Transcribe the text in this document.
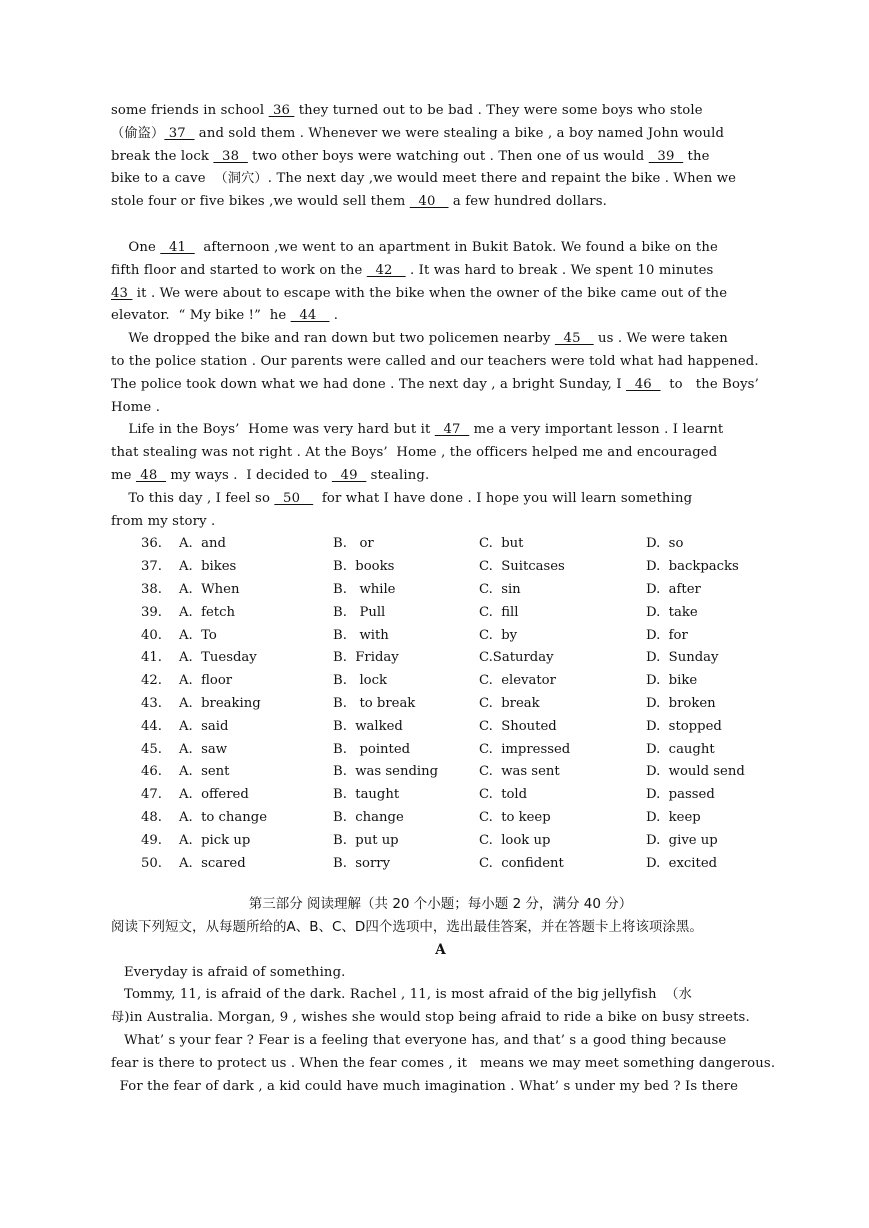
some friends in school  36  they turned out to be bad . They were some boys who stole
（偷盗） 37   and sold them . Whenever we were stealing a bike , a boy named John would
break the lock   38   two other boys were watching out . Then one of us would   39   the
bike to a cave  （洞穴）. The next day ,we would meet there and repaint the bike . When we
stole four or five bikes ,we would sell them   40    a few hundred dollars.
One   41    afternoon ,we went to an apartment in Bukit Batok. We found a bike on the
fifth floor and started to work on the   42    . It was hard to break . We spent 10 minutes
43  it . We were about to escape with the bike when the owner of the bike came out of the
elevator.  “ My bike !”  he   44    .
We dropped the bike and ran down but two policemen nearby   45    us . We were taken
to the police station . Our parents were called and our teachers were told what had happened.
The police took down what we had done . The next day , a bright Sunday, I   46    to   the Boys’
Home .
Life in the Boys’  Home was very hard but it   47   me a very important lesson . I learnt
that stealing was not right . At the Boys’  Home , the officers helped me and encouraged
me  48   my ways .  I decided to   49   stealing.
To this day , I feel so   50     for what I have done . I hope you will learn something
from my story .
36. A.  and	B.   or	C.  but	D.  so
37. A.  bikes	B.  books	C.  Suitcases	D.  backpacks
38. A.  When	B.   while	C.  sin	D.  after
39. A.  fetch	B.   Pull	C.  fill	D.  take
40. A.  To	B.   with	C.  by	D.  for
41. A.  Tuesday	B.  Friday	C.Saturday	D.  Sunday
42. A.  floor	B.   lock	C.  elevator	D.  bike
43. A.  breaking	B.   to break	C.  break	D.  broken
44. A.  said	B.  walked	C.  Shouted	D.  stopped
45. A.  saw	B.   pointed	C.  impressed	D.  caught
46. A.  sent	B.  was sending	C.  was sent	D.  would send
47. A.  offered	B.  taught	C.  told	D.  passed
48. A.  to change	B.  change	C.  to keep	D.  keep
49. A.  pick up	B.  put up	C.  look up	D.  give up
50. A.  scared	B.  sorry	C.  confident	D.  excited
第三部分 阅读理解（共 20 个小题；每小题 2 分，满分 40 分）
阅读下列短文，从每题所给的A、B、C、D四个选项中，选出最佳答案，并在答题卡上将该项涂黑。
A
Everyday is afraid of something.
Tommy, 11, is afraid of the dark. Rachel , 11, is most afraid of the big jellyfish  （水
母)in Australia. Morgan, 9 , wishes she would stop being afraid to ride a bike on busy streets.
What’ s your fear ? Fear is a feeling that everyone has, and that’ s a good thing because
fear is there to protect us . When the fear comes , it   means we may meet something dangerous.
For the fear of dark , a kid could have much imagination . What’ s under my bed ? Is there
